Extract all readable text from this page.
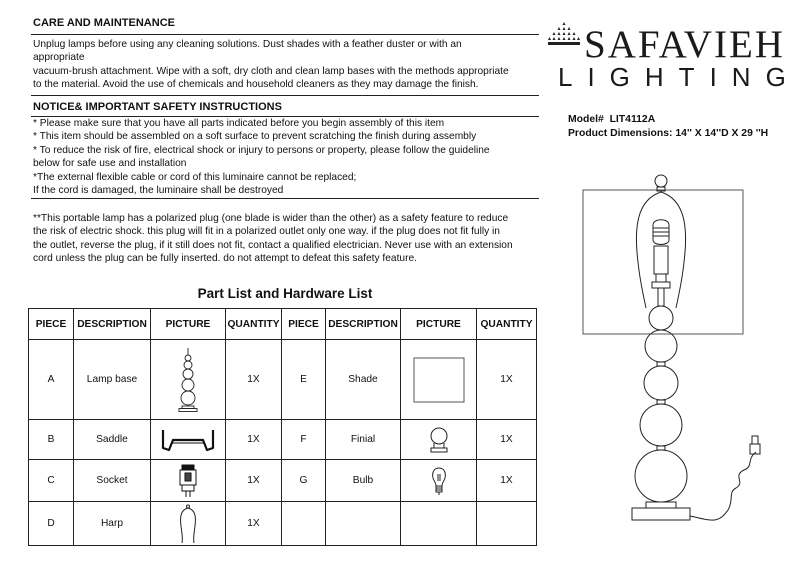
CARE AND MAINTENANCE
Unplug lamps before using any cleaning solutions. Dust shades with a feather duster or with an
appropriate
vacuum-brush attachment. Wipe with a soft, dry cloth and clean lamp bases with the methods appropriate
to the material. Avoid the use of chemicals and household cleaners as they may damage the finish.
NOTICE& IMPORTANT SAFETY INSTRUCTIONS
* Please make sure that you have all parts indicated before you begin assembly of this item
* This item should be assembled on a soft surface to prevent scratching the finish during assembly
* To reduce the risk of fire, electrical shock or injury to persons or property, please follow the guideline
below for safe use and installation
*The external flexible cable or cord of this luminaire cannot be replaced;
If the cord is damaged, the luminaire shall be destroyed
**This portable lamp has a polarized plug (one blade is wider than the other) as a safety feature to reduce
the risk of electric shock. this plug will fit in a polarized outlet only one way. if the plug does not fit fully in
the outlet, reverse the plug, if it still does not fit, contact a qualified electrician. Never use with an extension
cord unless the plug can be fully inserted. do not attempt to defeat this safety feature.
Part List and Hardware List
PIECE	DESCRIPTION	PICTURE	QUANTITY	PIECE	DESCRIPTION	PICTURE	QUANTITY
A	Lamp base		1X	E	Shade		1X
B	Saddle		1X	F	Finial		1X
C	Socket		1X	G	Bulb		1X
D	Harp		1X				
SAFAVIEH
LIGHTING
Model# LIT4112A
Product Dimensions: 14'' X 14''D X 29 ''H
